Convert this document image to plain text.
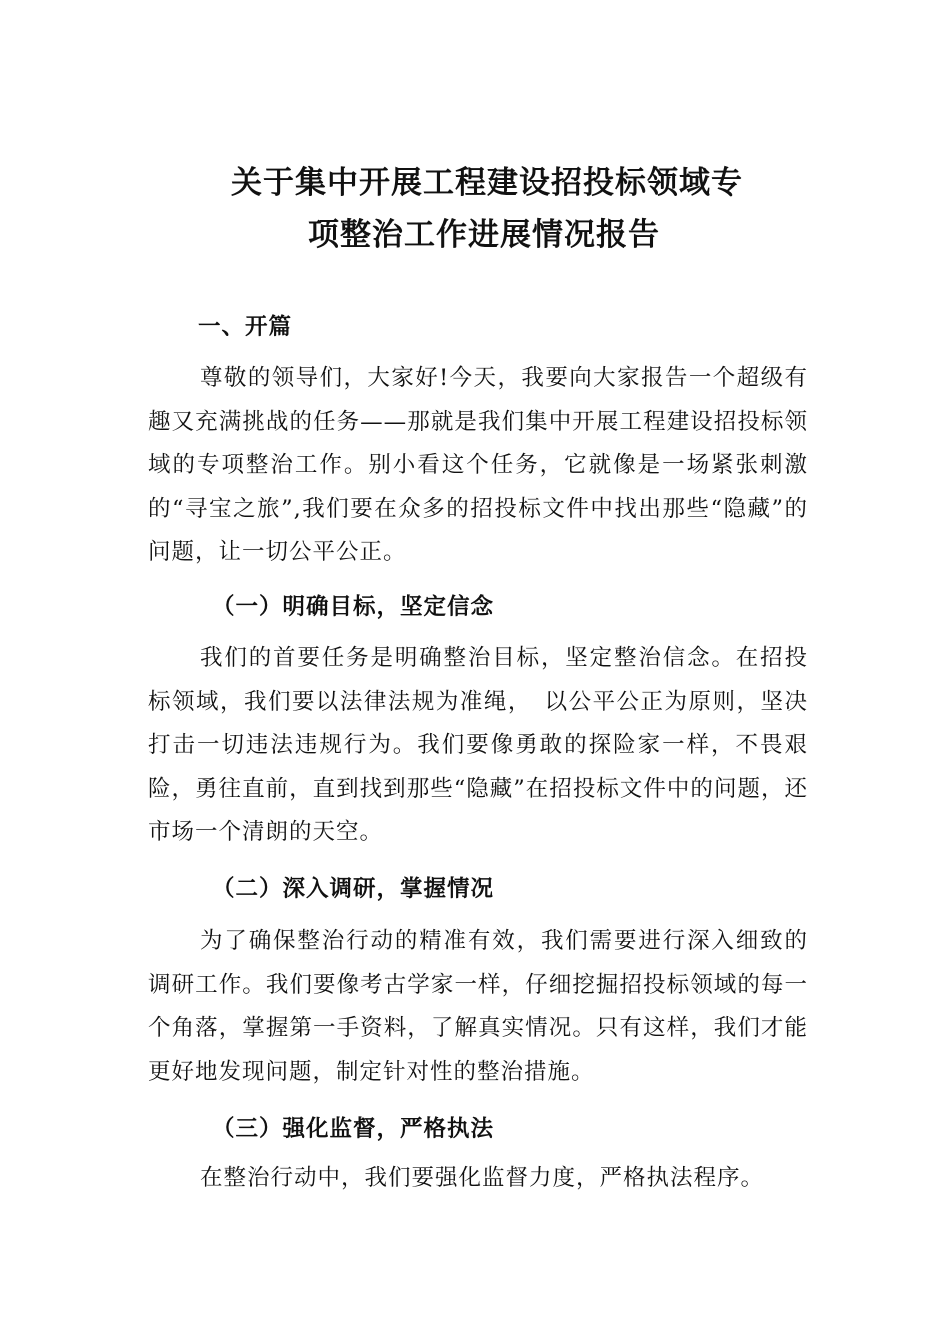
关于集中开展工程建设招投标领域专
项整治工作进展情况报告
一、开篇

尊敬的领导们，大家好!今天，我要向大家报告一个超级有趣又充满挑战的任务——那就是我们集中开展工程建设招投标领域的专项整治工作。别小看这个任务，它就像是一场紧张刺激的“寻宝之旅”,我们要在众多的招投标文件中找出那些“隐藏”的问题，让一切公平公正。

（一）明确目标，坚定信念

我们的首要任务是明确整治目标，坚定整治信念。在招投标领域，我们要以法律法规为准绳，　以公平公正为原则，坚决打击一切违法违规行为。我们要像勇敢的探险家一样，不畏艰险，勇往直前，直到找到那些“隐藏”在招投标文件中的问题，还市场一个清朗的天空。

（二）深入调研，掌握情况

为了确保整治行动的精准有效，我们需要进行深入细致的调研工作。我们要像考古学家一样，仔细挖掘招投标领域的每一个角落，掌握第一手资料，了解真实情况。只有这样，我们才能更好地发现问题，制定针对性的整治措施。

（三）强化监督，严格执法

在整治行动中，我们要强化监督力度，严格执法程序。
